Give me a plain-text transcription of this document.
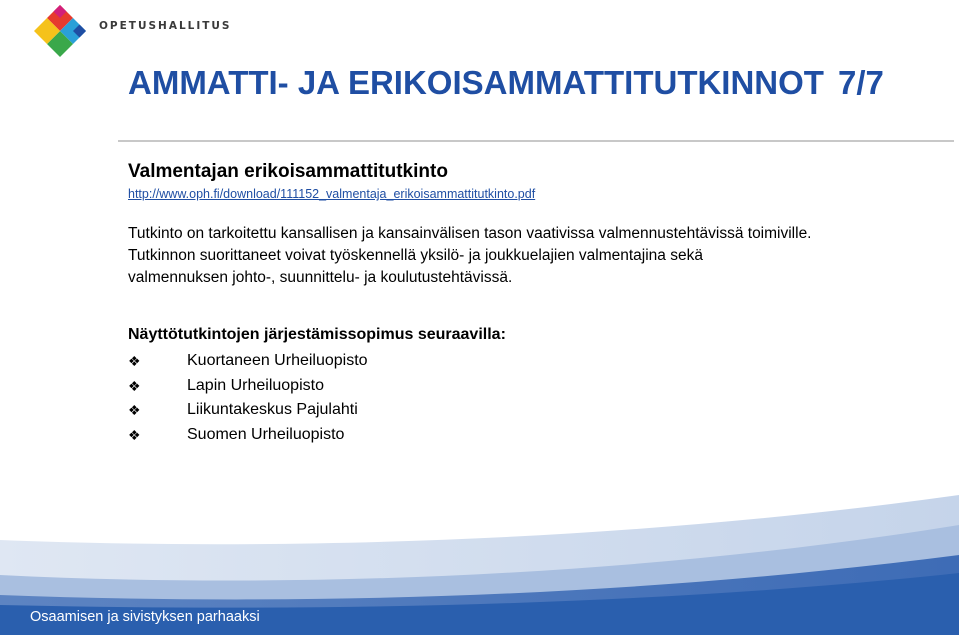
OPETUSHALLITUS
AMMATTI- JA ERIKOISAMMATTITUTKINNOT 7/7
Valmentajan erikoisammattitutkinto
http://www.oph.fi/download/111152_valmentaja_erikoisammattitutkinto.pdf

Tutkinto on tarkoitettu kansallisen ja kansainvälisen tason vaativissa valmennustehtävissä toimiville.
Tutkinnon suorittaneet voivat työskennellä yksilö- ja joukkuelajien valmentajina sekä
valmennuksen johto-, suunnittelu- ja koulutustehtävissä.

Näyttötutkintojen järjestämissopimus seuraavilla:
❖	Kuortaneen Urheiluopisto
❖	Lapin Urheiluopisto
❖	Liikuntakeskus Pajulahti
❖	Suomen Urheiluopisto
Osaamisen ja sivistyksen parhaaksi
